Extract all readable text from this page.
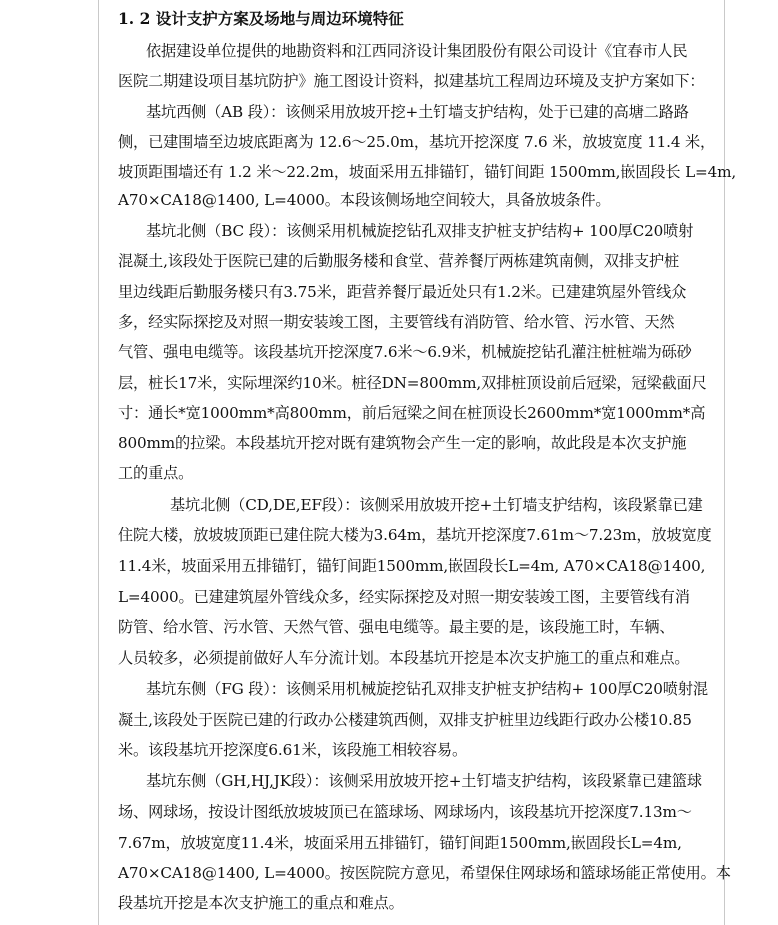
1. 2 设计支护方案及场地与周边环境特征
依据建设单位提供的地勘资料和江西同济设计集团股份有限公司设计《宜春市人民
医院二期建设项目基坑防护》施工图设计资料，拟建基坑工程周边环境及支护方案如下：
基坑西侧（AB 段）：该侧采用放坡开挖+土钉墙支护结构，处于已建的高塘二路路
侧，已建围墙至边坡底距离为 12.6～25.0m，基坑开挖深度 7.6 米，放坡宽度 11.4 米，
坡顶距围墙还有 1.2 米～22.2m，坡面采用五排锚钉，锚钉间距 1500mm,嵌固段长 L=4m,
A70×CA18@1400, L=4000。本段该侧场地空间较大，具备放坡条件。
基坑北侧（BC 段）：该侧采用机械旋挖钻孔双排支护桩支护结构+ 100厚C20喷射
混凝土,该段处于医院已建的后勤服务楼和食堂、营养餐厅两栋建筑南侧，双排支护桩
里边线距后勤服务楼只有3.75米，距营养餐厅最近处只有1.2米。已建建筑屋外管线众
多，经实际探挖及对照一期安装竣工图，主要管线有消防管、给水管、污水管、天然
气管、强电电缆等。该段基坑开挖深度7.6米～6.9米，机械旋挖钻孔灌注桩桩端为砾砂
层，桩长17米，实际埋深约10米。桩径DN=800mm,双排桩顶设前后冠梁，冠梁截面尺
寸：通长*宽1000mm*高800mm，前后冠梁之间在桩顶设长2600mm*宽1000mm*高
800mm的拉梁。本段基坑开挖对既有建筑物会产生一定的影响，故此段是本次支护施
工的重点。
基坑北侧（CD,DE,EF段）：该侧采用放坡开挖+土钉墙支护结构，该段紧靠已建
住院大楼，放坡坡顶距已建住院大楼为3.64m，基坑开挖深度7.61m～7.23m，放坡宽度
11.4米，坡面采用五排锚钉，锚钉间距1500mm,嵌固段长L=4m, A70×CA18@1400,
L=4000。已建建筑屋外管线众多，经实际探挖及对照一期安装竣工图，主要管线有消
防管、给水管、污水管、天然气管、强电电缆等。最主要的是，该段施工时，车辆、
人员较多，必须提前做好人车分流计划。本段基坑开挖是本次支护施工的重点和难点。
基坑东侧（FG 段）：该侧采用机械旋挖钻孔双排支护桩支护结构+ 100厚C20喷射混
凝土,该段处于医院已建的行政办公楼建筑西侧，双排支护桩里边线距行政办公楼10.85
米。该段基坑开挖深度6.61米，该段施工相较容易。
基坑东侧（GH,HJ,JK段）：该侧采用放坡开挖+土钉墙支护结构，该段紧靠已建篮球
场、网球场，按设计图纸放坡坡顶已在篮球场、网球场内，该段基坑开挖深度7.13m～
7.67m，放坡宽度11.4米，坡面采用五排锚钉，锚钉间距1500mm,嵌固段长L=4m,
A70×CA18@1400, L=4000。按医院院方意见，希望保住网球场和篮球场能正常使用。本
段基坑开挖是本次支护施工的重点和难点。
